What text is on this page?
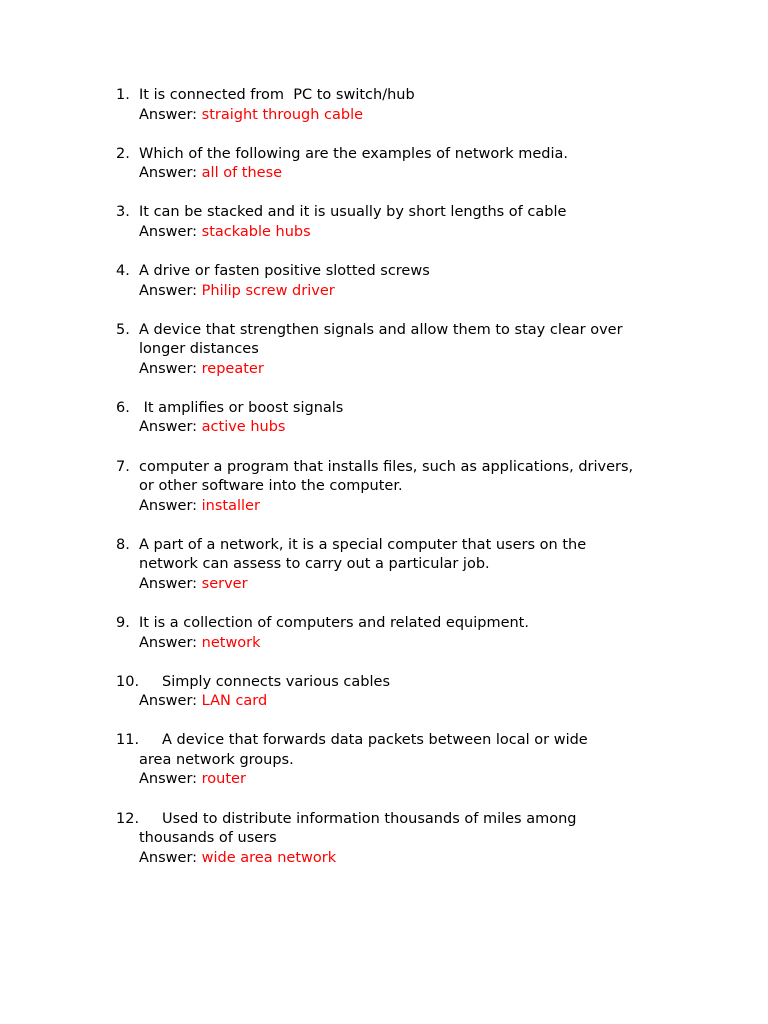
1. It is connected from  PC to switch/hub
Answer: straight through cable
2. Which of the following are the examples of network media.
Answer: all of these
3. It can be stacked and it is usually by short lengths of cable
Answer: stackable hubs
4. A drive or fasten positive slotted screws
Answer: Philip screw driver
5. A device that strengthen signals and allow them to stay clear over
longer distances
Answer: repeater
6. It amplifies or boost signals
Answer: active hubs
7. computer a program that installs files, such as applications, drivers,
or other software into the computer.
Answer: installer
8. A part of a network, it is a special computer that users on the
network can assess to carry out a particular job.
Answer: server
9. It is a collection of computers and related equipment.
Answer: network
10.	Simply connects various cables
Answer: LAN card
11.	A device that forwards data packets between local or wide
area network groups.
Answer: router
12.	Used to distribute information thousands of miles among
thousands of users
Answer: wide area network
